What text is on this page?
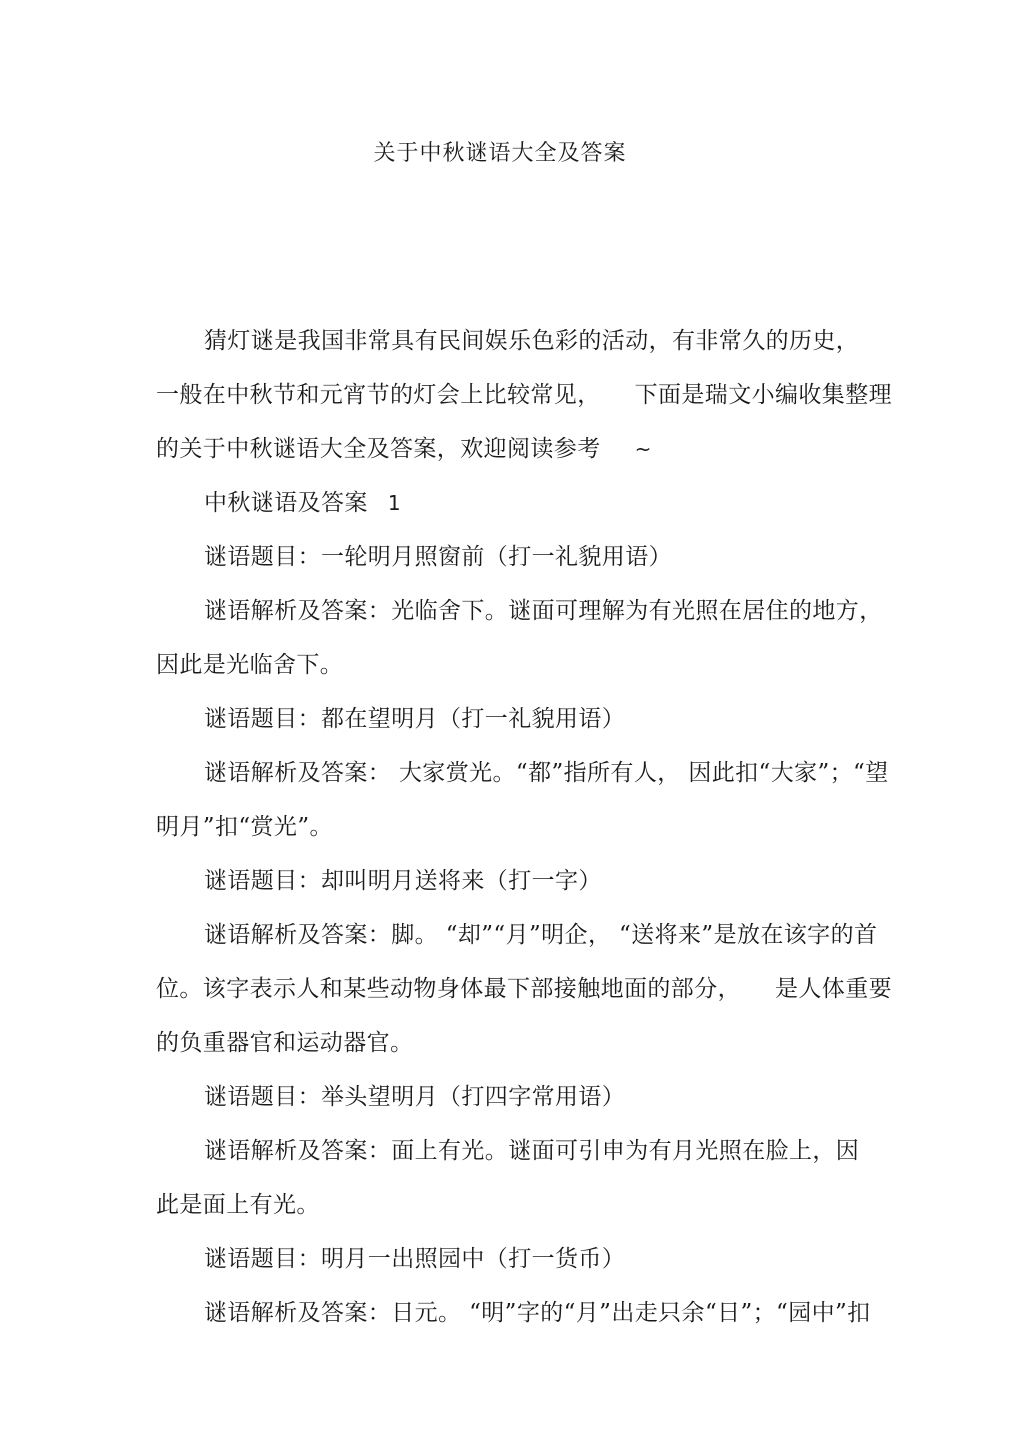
关于中秋谜语大全及答案
猜灯谜是我国非常具有民间娱乐色彩的活动，有非常久的历史，
一般在中秋节和元宵节的灯会上比较常见， 下面是瑞文小编收集整理
的关于中秋谜语大全及答案，欢迎阅读参考 ~
中秋谜语及答案 1
谜语题目：一轮明月照窗前（打一礼貌用语）
谜语解析及答案：光临舍下。谜面可理解为有光照在居住的地方，
因此是光临舍下。
谜语题目：都在望明月（打一礼貌用语）
谜语解析及答案： 大家赏光。“都”指所有人， 因此扣“大家”；“望
明月”扣“赏光”。
谜语题目：却叫明月送将来（打一字）
谜语解析及答案：脚。 “却”“月”明企， “送将来”是放在该字的首
位。该字表示人和某些动物身体最下部接触地面的部分， 是人体重要
的负重器官和运动器官。
谜语题目：举头望明月（打四字常用语）
谜语解析及答案：面上有光。谜面可引申为有月光照在脸上，因
此是面上有光。
谜语题目：明月一出照园中（打一货币）
谜语解析及答案：日元。 “明”字的“月”出走只余“日”；“园中”扣
